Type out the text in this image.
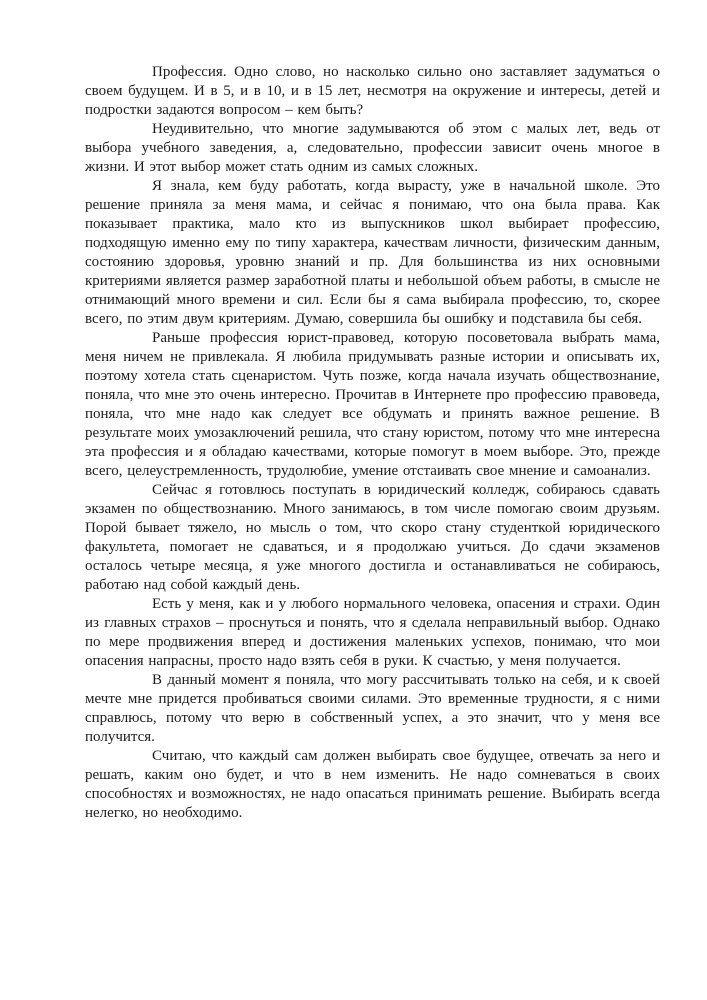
Профессия. Одно слово, но насколько сильно оно заставляет задуматься о своем будущем. И в 5, и в 10, и в 15 лет, несмотря на окружение и интересы, детей и подростки задаются вопросом – кем быть?

Неудивительно, что многие задумываются об этом с малых лет, ведь от выбора учебного заведения, а, следовательно, профессии зависит очень многое в жизни. И этот выбор может стать одним из самых сложных.

Я знала, кем буду работать, когда вырасту, уже в начальной школе. Это решение приняла за меня мама, и сейчас я понимаю, что она была права. Как показывает практика, мало кто из выпускников школ выбирает профессию, подходящую именно ему по типу характера, качествам личности, физическим данным, состоянию здоровья, уровню знаний и пр. Для большинства из них основными критериями является размер заработной платы и небольшой объем работы, в смысле не отнимающий много времени и сил. Если бы я сама выбирала профессию, то, скорее всего, по этим двум критериям. Думаю, совершила бы ошибку и подставила бы себя.

Раньше профессия юрист-правовед, которую посоветовала выбрать мама, меня ничем не привлекала. Я любила придумывать разные истории и описывать их, поэтому хотела стать сценаристом. Чуть позже, когда начала изучать обществознание, поняла, что мне это очень интересно. Прочитав в Интернете про профессию правоведа, поняла, что мне надо как следует все обдумать и принять важное решение. В результате моих умозаключений решила, что стану юристом, потому что мне интересна эта профессия и я обладаю качествами, которые помогут в моем выборе. Это, прежде всего, целеустремленность, трудолюбие, умение отстаивать свое мнение и самоанализ.

Сейчас я готовлюсь поступать в юридический колледж, собираюсь сдавать экзамен по обществознанию. Много занимаюсь, в том числе помогаю своим друзьям. Порой бывает тяжело, но мысль о том, что скоро стану студенткой юридического факультета, помогает не сдаваться, и я продолжаю учиться. До сдачи экзаменов осталось четыре месяца, я уже многого достигла и останавливаться не собираюсь, работаю над собой каждый день.

Есть у меня, как и у любого нормального человека, опасения и страхи. Один из главных страхов – проснуться и понять, что я сделала неправильный выбор. Однако по мере продвижения вперед и достижения маленьких успехов, понимаю, что мои опасения напрасны, просто надо взять себя в руки. К счастью, у меня получается.

В данный момент я поняла, что могу рассчитывать только на себя, и к своей мечте мне придется пробиваться своими силами. Это временные трудности, я с ними справлюсь, потому что верю в собственный успех, а это значит, что у меня все получится.

Считаю, что каждый сам должен выбирать свое будущее, отвечать за него и решать, каким оно будет, и что в нем изменить. Не надо сомневаться в своих способностях и возможностях, не надо опасаться принимать решение. Выбирать всегда нелегко, но необходимо.
